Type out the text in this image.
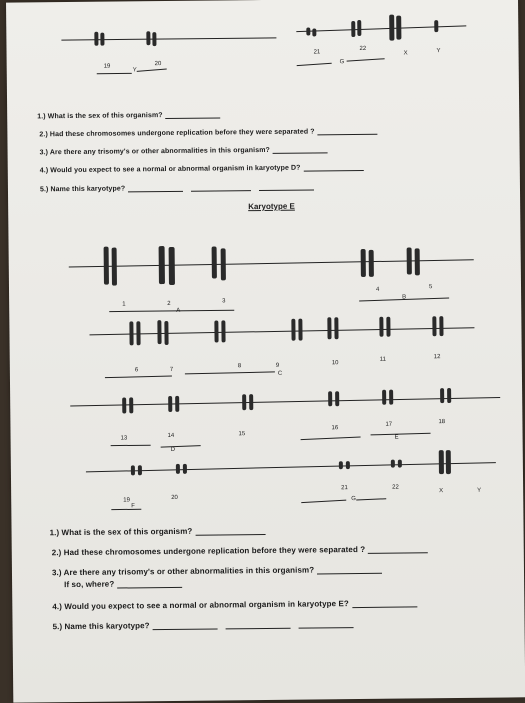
19	20
21
22
X	Y
Y
G
1.) What is the sex of this organism?
2.) Had these chromosomes undergone replication before they were separated ?
3.) Are there any trisomy's or other abnormalities in this organism?
4.) Would you expect to see a normal or abnormal organism in karyotype D?
5.) Name this karyotype?
Karyotype E
1	2	3
4	5
A
B
6	7
8	9	10
11	12
C
13	14	15
16
17	18
D
E
19	20
21	22
X	Y
F
G
1.) What is the sex of this organism?
2.) Had these chromosomes undergone replication before they were separated ?
3.) Are there any trisomy's or other abnormalities in this organism?
If so, where?
4.) Would you expect to see a normal or abnormal organism in karyotype E?
5.) Name this karyotype?
